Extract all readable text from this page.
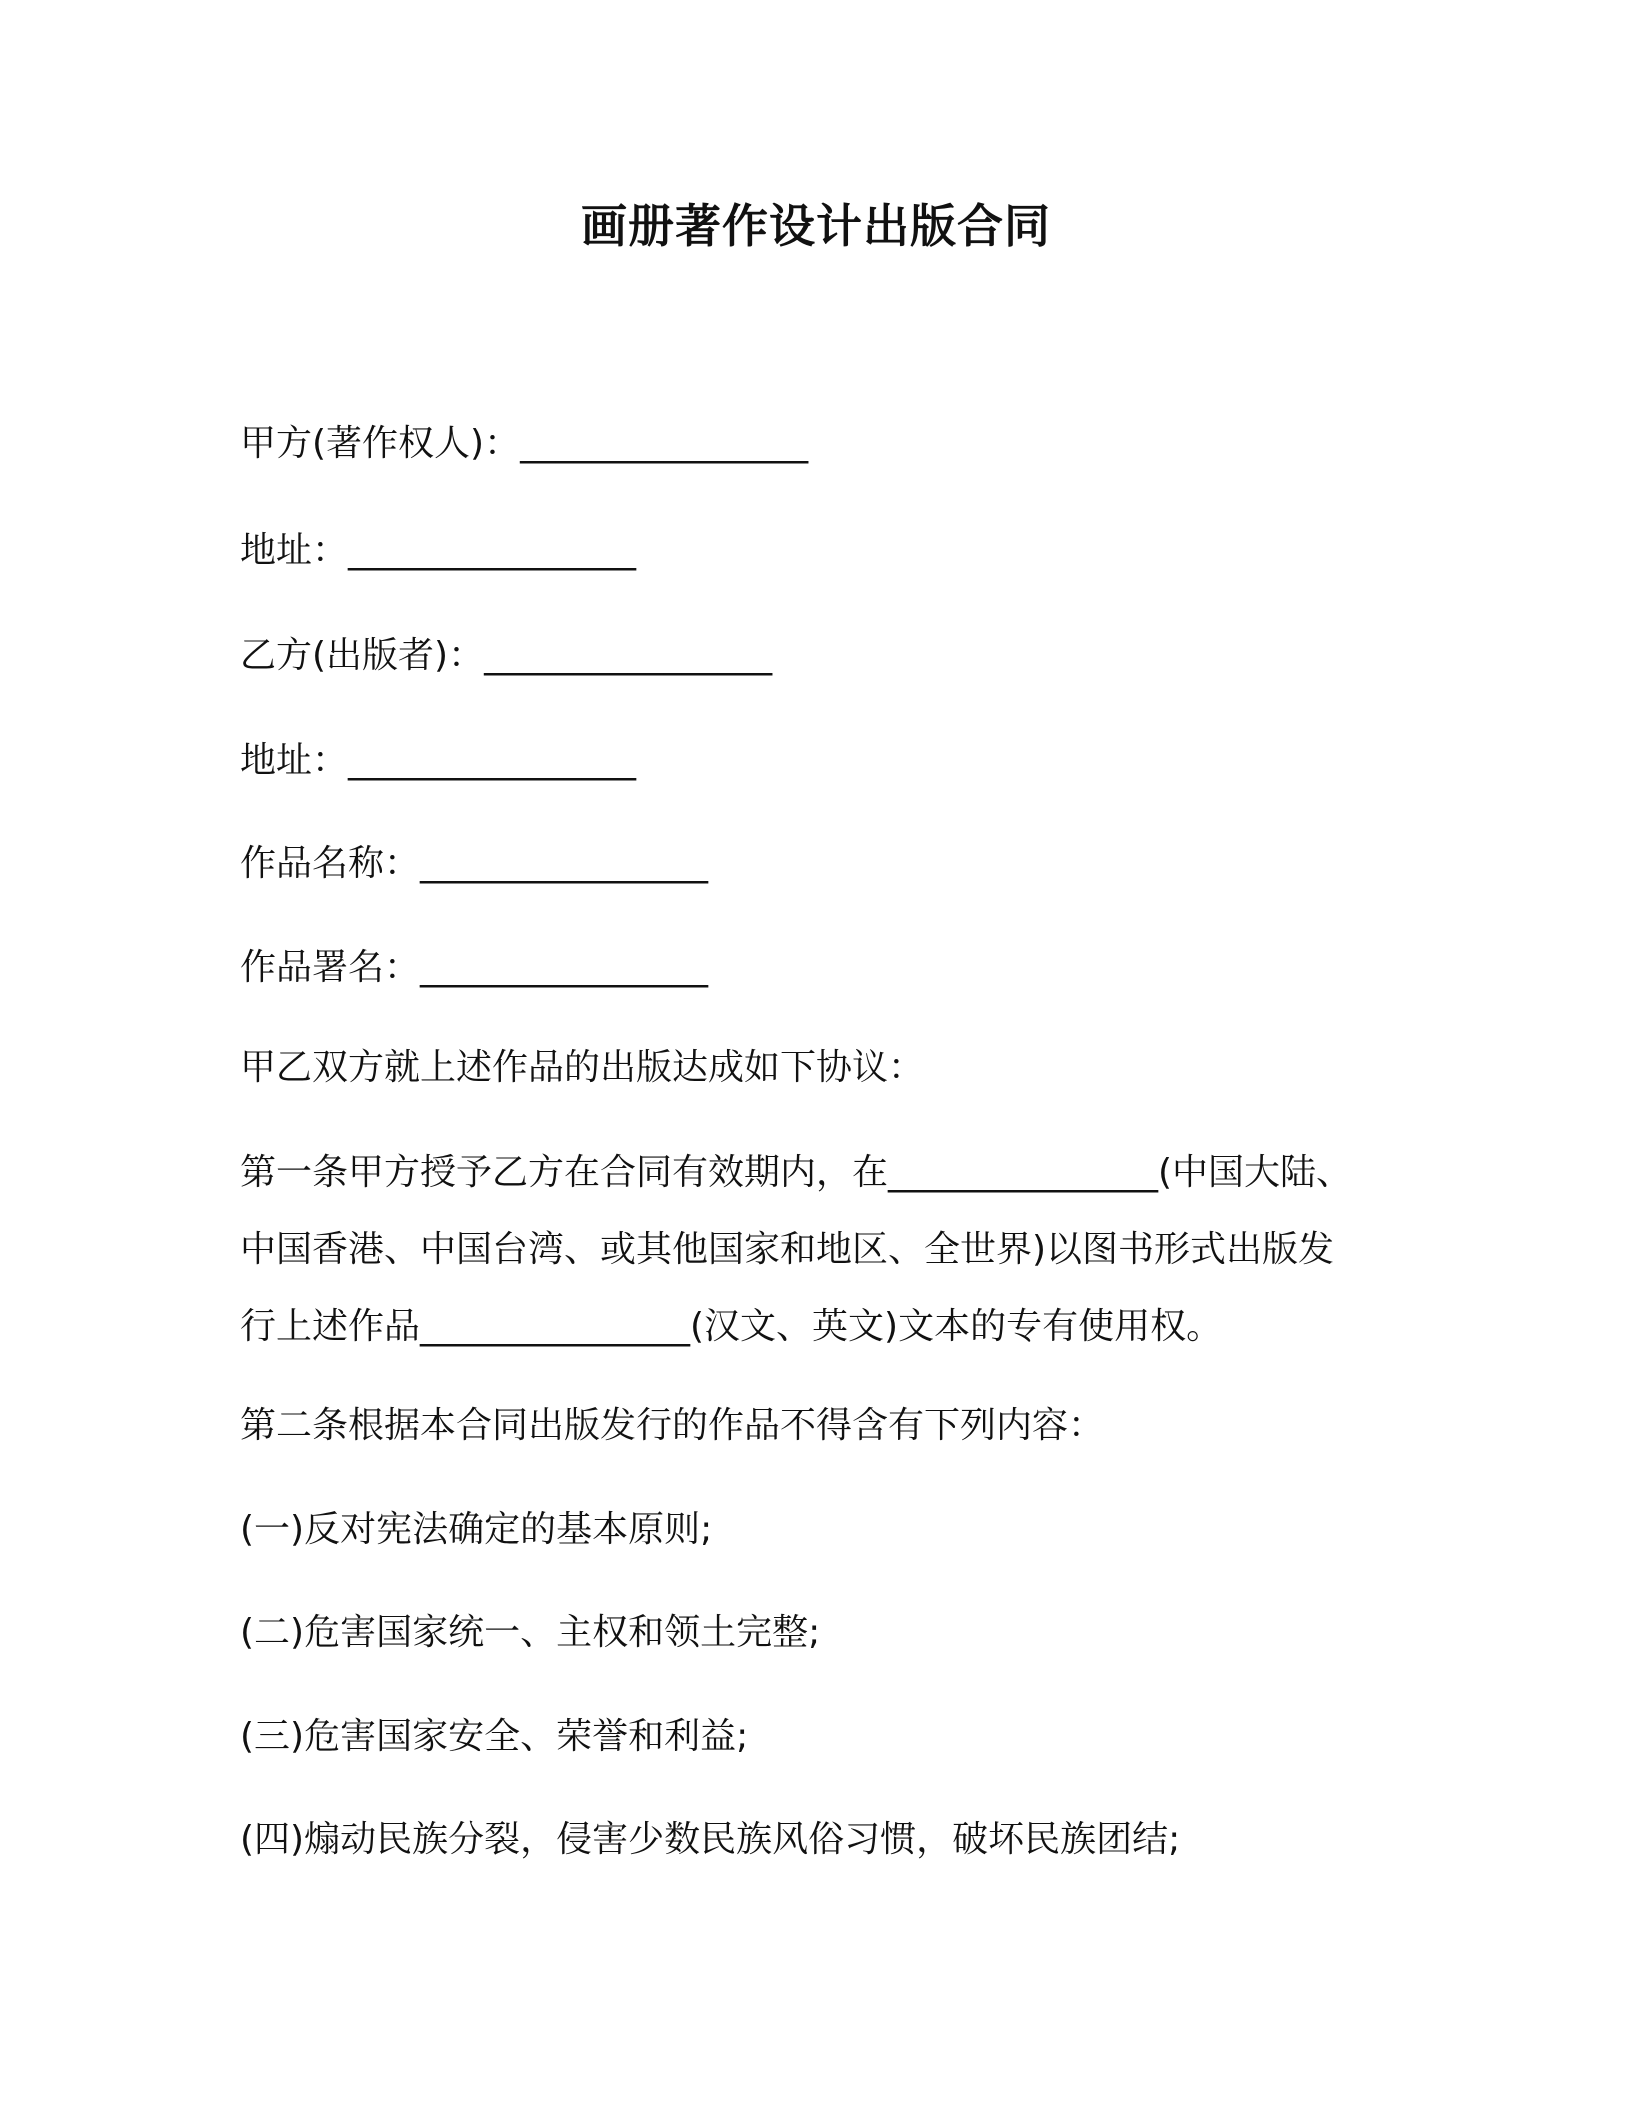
画册著作设计出版合同
甲方(著作权人)：________________
地址：________________
乙方(出版者)：________________
地址：________________
作品名称：________________
作品署名：________________
甲乙双方就上述作品的出版达成如下协议：
第一条甲方授予乙方在合同有效期内，在_______________(中国大陆、
中国香港、中国台湾、或其他国家和地区、全世界)以图书形式出版发
行上述作品_______________(汉文、英文)文本的专有使用权。
第二条根据本合同出版发行的作品不得含有下列内容：
(一)反对宪法确定的基本原则;
(二)危害国家统一、主权和领土完整;
(三)危害国家安全、荣誉和利益;
(四)煽动民族分裂，侵害少数民族风俗习惯，破坏民族团结;
